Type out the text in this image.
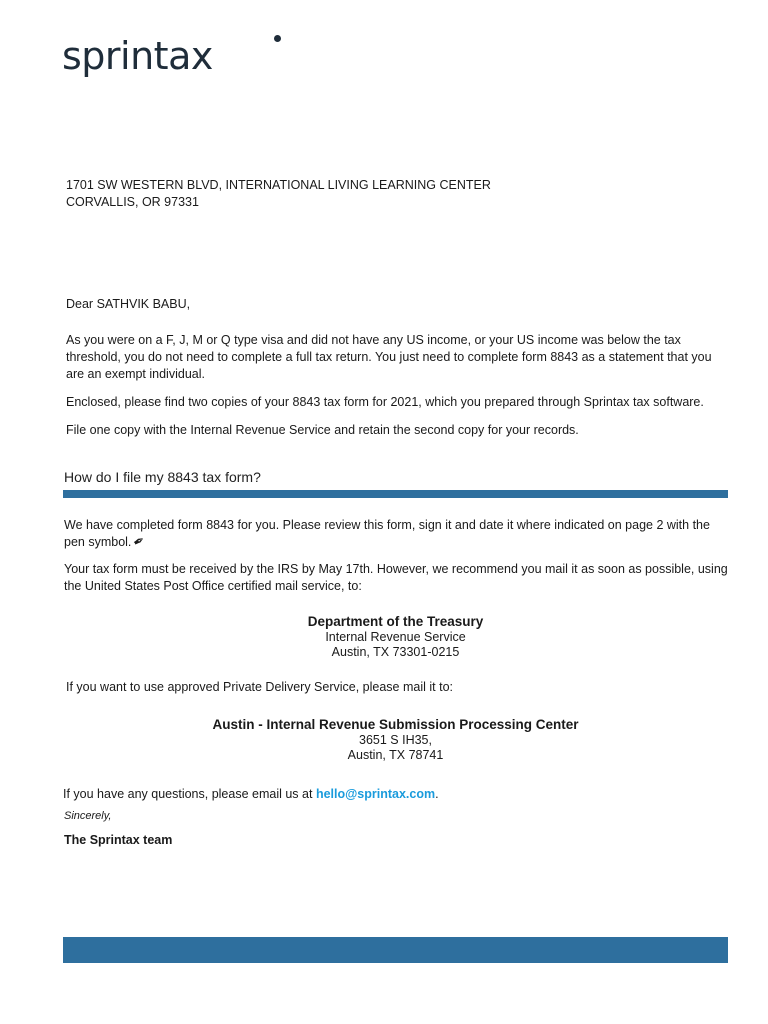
sprintax
1701 SW WESTERN BLVD, INTERNATIONAL LIVING LEARNING CENTER
CORVALLIS, OR 97331
Dear SATHVIK BABU,
As you were on a F, J, M or Q type visa and did not have any US income, or your US income was below the tax threshold, you do not need to complete a full tax return. You just need to complete form 8843 as a statement that you are an exempt individual.
Enclosed, please find two copies of your 8843 tax form for 2021, which you prepared through Sprintax tax software.
File one copy with the Internal Revenue Service and retain the second copy for your records.
How do I file my 8843 tax form?
We have completed form 8843 for you. Please review this form, sign it and date it where indicated on page 2 with the pen symbol.✒
Your tax form must be received by the IRS by May 17th. However, we recommend you mail it as soon as possible, using the United States Post Office certified mail service, to:
Department of the Treasury
Internal Revenue Service
Austin, TX 73301-0215
If you want to use approved Private Delivery Service, please mail it to:
Austin - Internal Revenue Submission Processing Center
3651 S IH35,
Austin, TX 78741
If you have any questions, please email us at hello@sprintax.com.
Sincerely,
The Sprintax team
